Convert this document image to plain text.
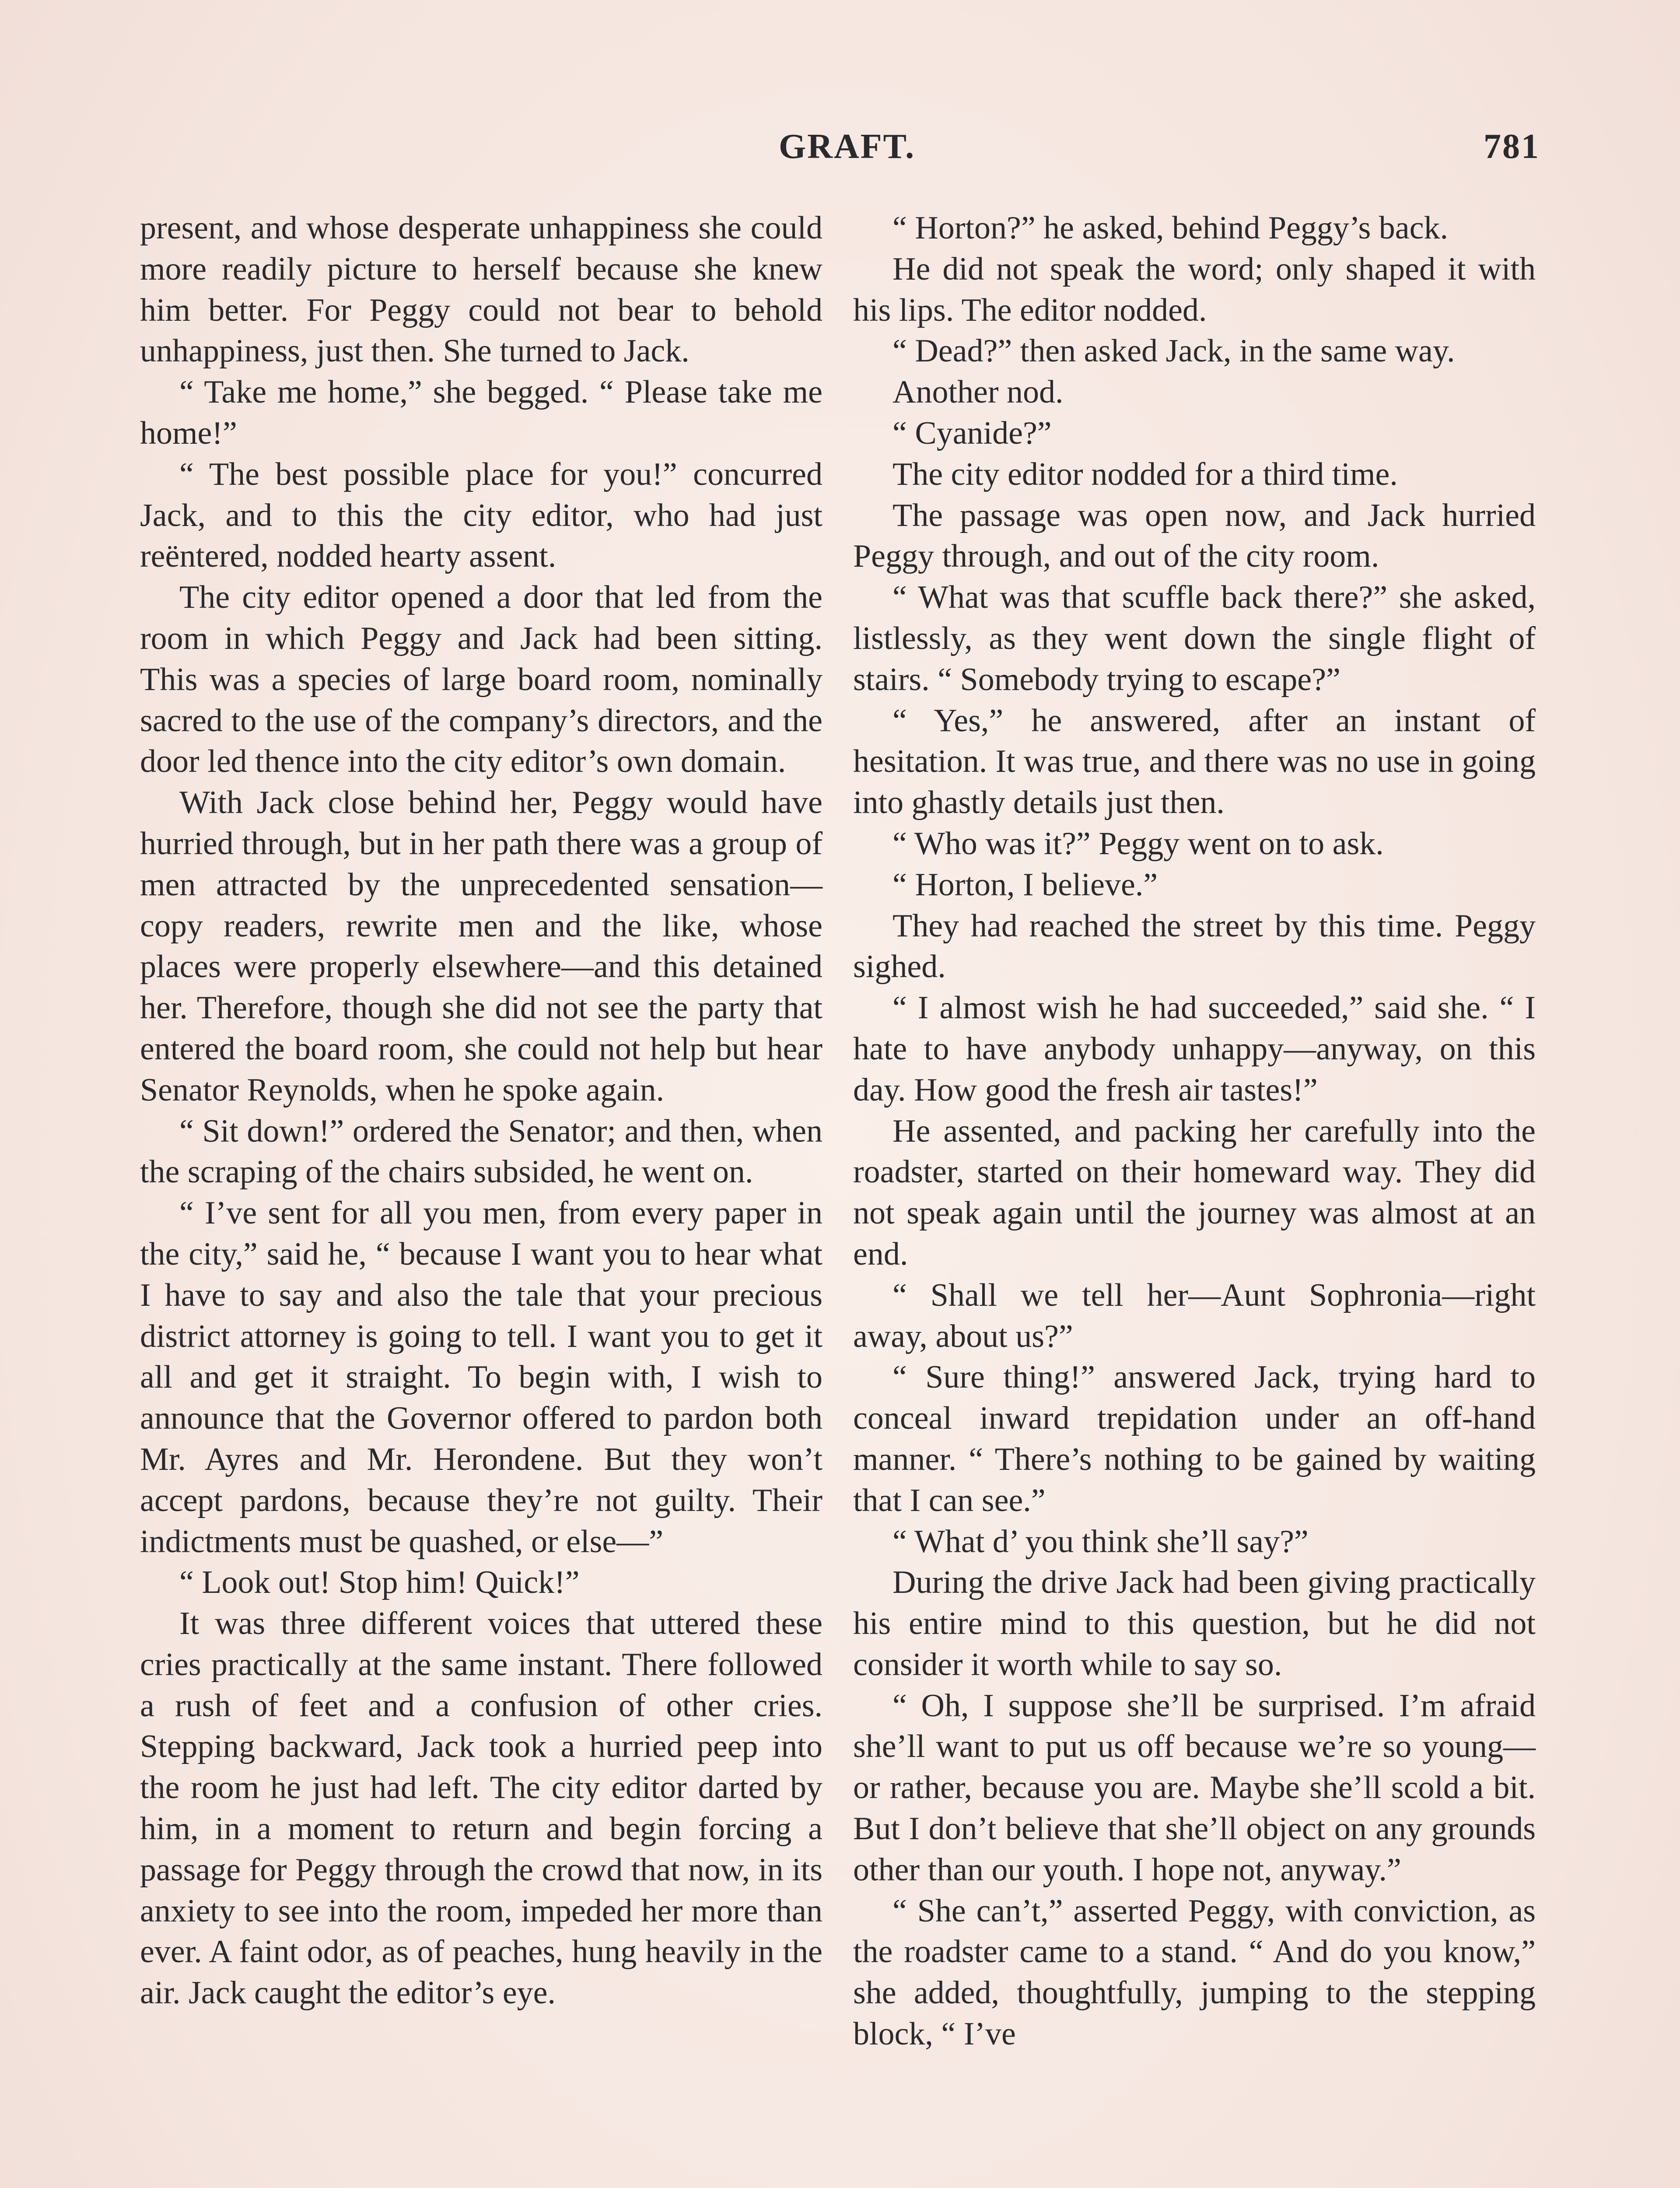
GRAFT.	781

present, and whose desperate unhappiness she could more readily picture to herself because she knew him better. For Peggy could not bear to behold unhappiness, just then. She turned to Jack.

“ Take me home,” she begged. “ Please take me home!”

“ The best possible place for you!” concurred Jack, and to this the city editor, who had just reëntered, nodded hearty assent.

The city editor opened a door that led from the room in which Peggy and Jack had been sitting. This was a species of large board room, nominally sacred to the use of the company’s directors, and the door led thence into the city editor’s own domain.

With Jack close behind her, Peggy would have hurried through, but in her path there was a group of men attracted by the unprecedented sensation—copy readers, rewrite men and the like, whose places were properly elsewhere—and this detained her. Therefore, though she did not see the party that entered the board room, she could not help but hear Senator Reynolds, when he spoke again.

“ Sit down!” ordered the Senator; and then, when the scraping of the chairs subsided, he went on.

“ I’ve sent for all you men, from every paper in the city,” said he, “ because I want you to hear what I have to say and also the tale that your precious district attorney is going to tell. I want you to get it all and get it straight. To begin with, I wish to announce that the Governor offered to pardon both Mr. Ayres and Mr. Herondene. But they won’t accept pardons, because they’re not guilty. Their indictments must be quashed, or else—”

“ Look out! Stop him! Quick!”

It was three different voices that uttered these cries practically at the same instant. There followed a rush of feet and a confusion of other cries. Stepping backward, Jack took a hurried peep into the room he just had left. The city editor darted by him, in a moment to return and begin forcing a passage for Peggy through the crowd that now, in its anxiety to see into the room, impeded her more than ever. A faint odor, as of peaches, hung heavily in the air. Jack caught the editor’s eye.

“ Horton?” he asked, behind Peggy’s back.

He did not speak the word; only shaped it with his lips. The editor nodded.

“ Dead?” then asked Jack, in the same way.

Another nod.

“ Cyanide?”

The city editor nodded for a third time.

The passage was open now, and Jack hurried Peggy through, and out of the city room.

“ What was that scuffle back there?” she asked, listlessly, as they went down the single flight of stairs. “ Somebody trying to escape?”

“ Yes,” he answered, after an instant of hesitation. It was true, and there was no use in going into ghastly details just then.

“ Who was it?” Peggy went on to ask.

“ Horton, I believe.”

They had reached the street by this time. Peggy sighed.

“ I almost wish he had succeeded,” said she. “ I hate to have anybody unhappy—anyway, on this day. How good the fresh air tastes!”

He assented, and packing her carefully into the roadster, started on their homeward way. They did not speak again until the journey was almost at an end.

“ Shall we tell her—Aunt Sophronia—right away, about us?”

“ Sure thing!” answered Jack, trying hard to conceal inward trepidation under an off-hand manner. “ There’s nothing to be gained by waiting that I can see.”

“ What d’ you think she’ll say?”

During the drive Jack had been giving practically his entire mind to this question, but he did not consider it worth while to say so.

“ Oh, I suppose she’ll be surprised. I’m afraid she’ll want to put us off because we’re so young—or rather, because you are. Maybe she’ll scold a bit. But I don’t believe that she’ll object on any grounds other than our youth. I hope not, anyway.”

“ She can’t,” asserted Peggy, with conviction, as the roadster came to a stand. “ And do you know,” she added, thoughtfully, jumping to the stepping block, “ I’ve
